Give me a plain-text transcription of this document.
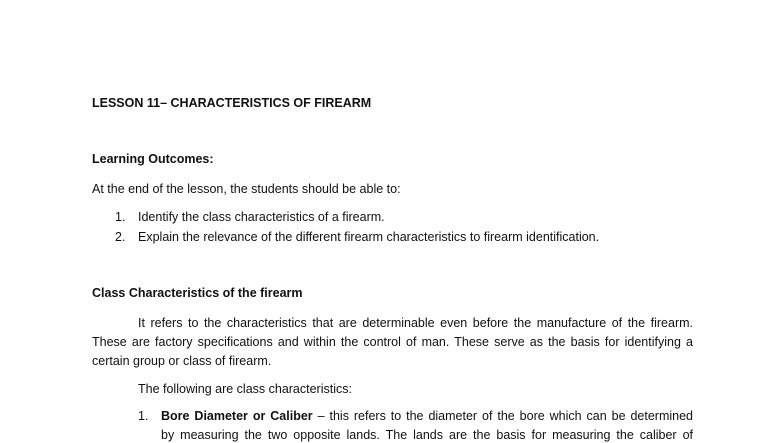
LESSON 11– CHARACTERISTICS OF FIREARM
Learning Outcomes:
At the end of the lesson, the students should be able to:
1. Identify the class characteristics of a firearm.
2. Explain the relevance of the different firearm characteristics to firearm identification.
Class Characteristics of the firearm
It refers to the characteristics that are determinable even before the manufacture of the firearm.
These are factory specifications and within the control of man. These serve as the basis for identifying a
certain group or class of firearm.
The following are class characteristics:
1. Bore Diameter or Caliber – this refers to the diameter of the bore which can be determined
by measuring the two opposite lands. The lands are the basis for measuring the caliber of
